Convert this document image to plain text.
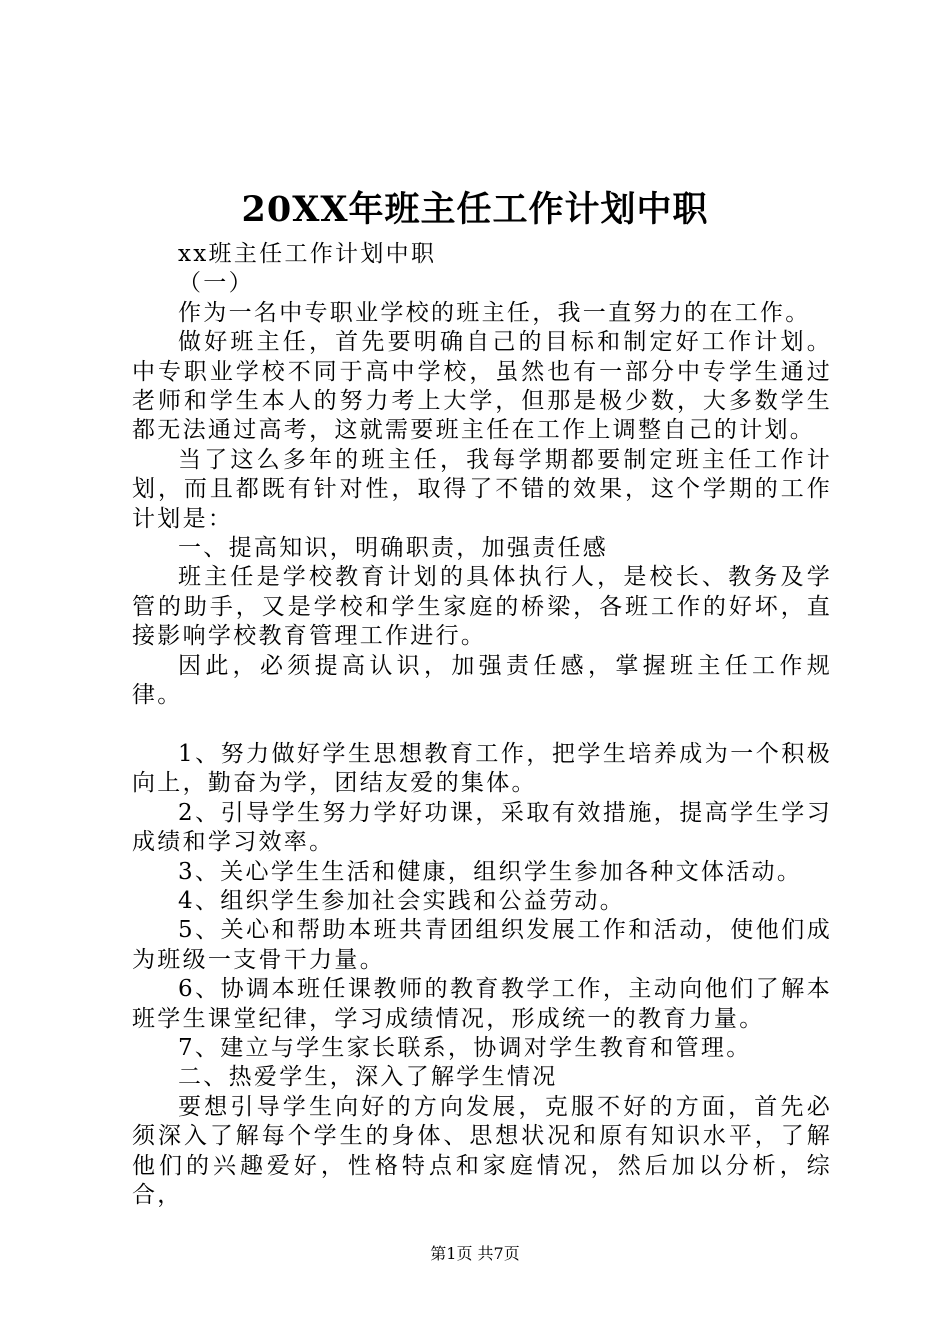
20XX年班主任工作计划中职

xx班主任工作计划中职

（一）

作为一名中专职业学校的班主任，我一直努力的在工作。

做好班主任，首先要明确自己的目标和制定好工作计划。中专职业学校不同于高中学校，虽然也有一部分中专学生通过老师和学生本人的努力考上大学，但那是极少数，大多数学生都无法通过高考，这就需要班主任在工作上调整自己的计划。

当了这么多年的班主任，我每学期都要制定班主任工作计划，而且都既有针对性，取得了不错的效果，这个学期的工作计划是：

一、提高知识，明确职责，加强责任感

班主任是学校教育计划的具体执行人，是校长、教务及学管的助手，又是学校和学生家庭的桥梁，各班工作的好坏，直接影响学校教育管理工作进行。

因此，必须提高认识，加强责任感，掌握班主任工作规律。

1、努力做好学生思想教育工作，把学生培养成为一个积极向上，勤奋为学，团结友爱的集体。

2、引导学生努力学好功课，采取有效措施，提高学生学习成绩和学习效率。

3、关心学生生活和健康，组织学生参加各种文体活动。

4、组织学生参加社会实践和公益劳动。

5、关心和帮助本班共青团组织发展工作和活动，使他们成为班级一支骨干力量。

6、协调本班任课教师的教育教学工作，主动向他们了解本班学生课堂纪律，学习成绩情况，形成统一的教育力量。

7、建立与学生家长联系，协调对学生教育和管理。

二、热爱学生，深入了解学生情况

要想引导学生向好的方向发展，克服不好的方面，首先必须深入了解每个学生的身体、思想状况和原有知识水平，了解他们的兴趣爱好，性格特点和家庭情况，然后加以分析，综合，

第1页 共7页
